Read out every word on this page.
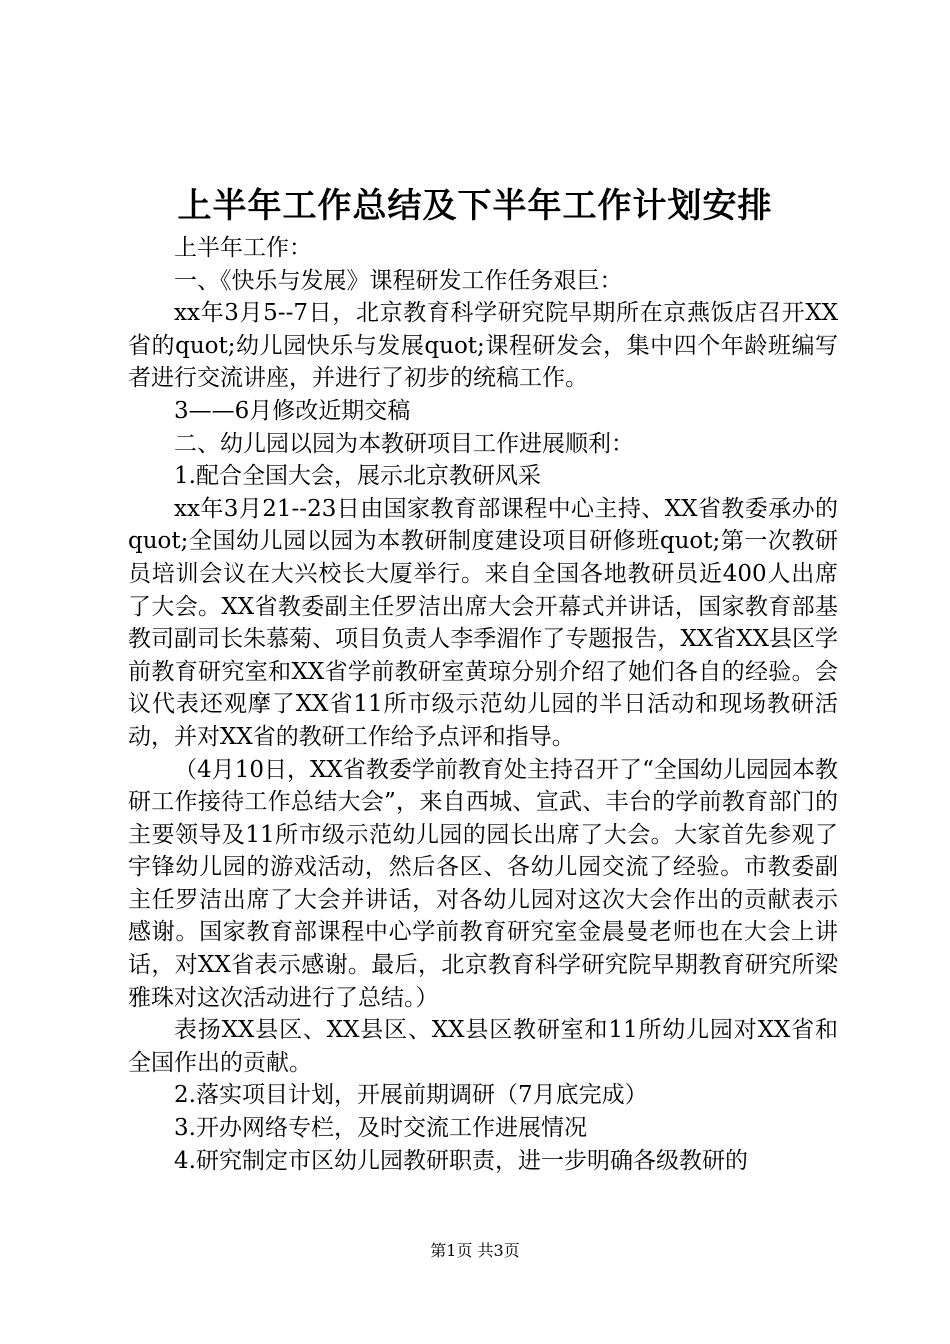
上半年工作总结及下半年工作计划安排

上半年工作：

一、《快乐与发展》课程研发工作任务艰巨：

xx年3月5--7日，北京教育科学研究院早期所在京燕饭店召开XX省的quot;幼儿园快乐与发展quot;课程研发会，集中四个年龄班编写者进行交流讲座，并进行了初步的统稿工作。

3——6月修改近期交稿

二、幼儿园以园为本教研项目工作进展顺利：

1.配合全国大会，展示北京教研风采

xx年3月21--23日由国家教育部课程中心主持、XX省教委承办的quot;全国幼儿园以园为本教研制度建设项目研修班quot;第一次教研员培训会议在大兴校长大厦举行。来自全国各地教研员近400人出席了大会。XX省教委副主任罗洁出席大会开幕式并讲话，国家教育部基教司副司长朱慕菊、项目负责人李季湄作了专题报告，XX省XX县区学前教育研究室和XX省学前教研室黄琼分别介绍了她们各自的经验。会议代表还观摩了XX省11所市级示范幼儿园的半日活动和现场教研活动，并对XX省的教研工作给予点评和指导。

（4月10日，XX省教委学前教育处主持召开了“全国幼儿园园本教研工作接待工作总结大会”，来自西城、宣武、丰台的学前教育部门的主要领导及11所市级示范幼儿园的园长出席了大会。大家首先参观了宇锋幼儿园的游戏活动，然后各区、各幼儿园交流了经验。市教委副主任罗洁出席了大会并讲话，对各幼儿园对这次大会作出的贡献表示感谢。国家教育部课程中心学前教育研究室金晨曼老师也在大会上讲话，对XX省表示感谢。最后，北京教育科学研究院早期教育研究所梁雅珠对这次活动进行了总结。）

表扬XX县区、XX县区、XX县区教研室和11所幼儿园对XX省和全国作出的贡献。

2.落实项目计划，开展前期调研（7月底完成）

3.开办网络专栏，及时交流工作进展情况

4.研究制定市区幼儿园教研职责，进一步明确各级教研的

第1页 共3页
